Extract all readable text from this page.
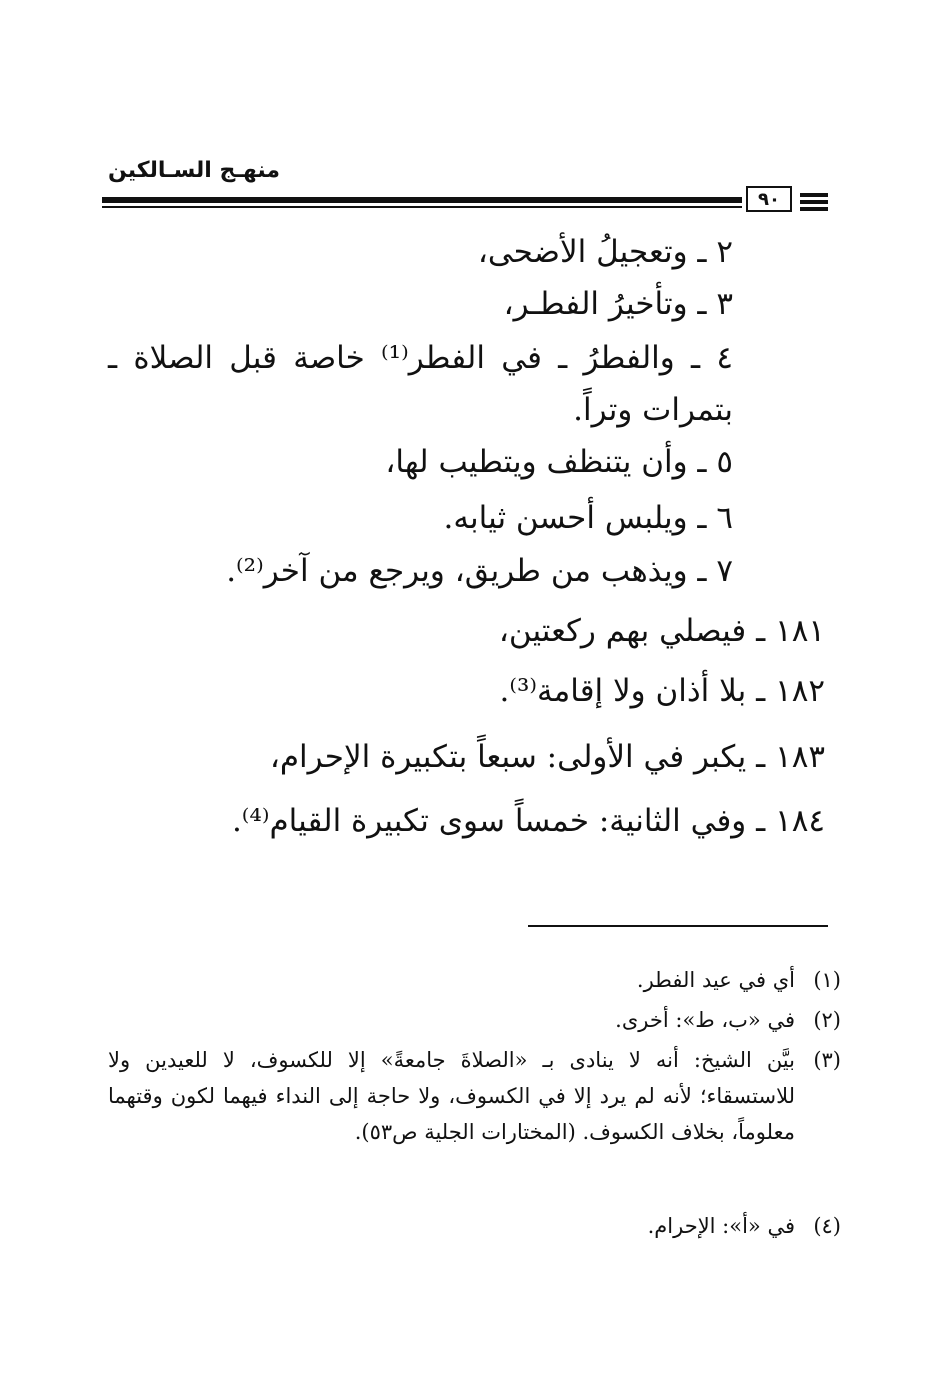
منهـج السـالكين
٩٠
٢ ـ وتعجيلُ الأضحى،
٣ ـ وتأخيرُ الفطـر،
٤ ـ والفطرُ ـ في الفطر⁽¹⁾ خاصة قبل الصلاة ـ بتمرات وتراً.
٥ ـ وأن يتنظف ويتطيب لها،
٦ ـ ويلبس أحسن ثيابه.
٧ ـ ويذهب من طريق، ويرجع من آخر⁽²⁾.
١٨١ ـ فيصلي بهم ركعتين،
١٨٢ ـ بلا أذان ولا إقامة⁽³⁾.
١٨٣ ـ يكبر في الأولى: سبعاً بتكبيرة الإحرام،
١٨٤ ـ وفي الثانية: خمساً سوى تكبيرة القيام⁽⁴⁾.
(١)
أي في عيد الفطر.
(٢)
في «ب، ط»: أخرى.
(٣)
بيَّن الشيخ: أنه لا ينادى بـ «الصلاةَ جامعةً» إلا للكسوف، لا للعيدين ولا للاستسقاء؛ لأنه لم يرد إلا في الكسوف، ولا حاجة إلى النداء فيهما لكون وقتهما معلوماً، بخلاف الكسوف. (المختارات الجلية ص٥٣).
(٤)
في «أ»: الإحرام.
